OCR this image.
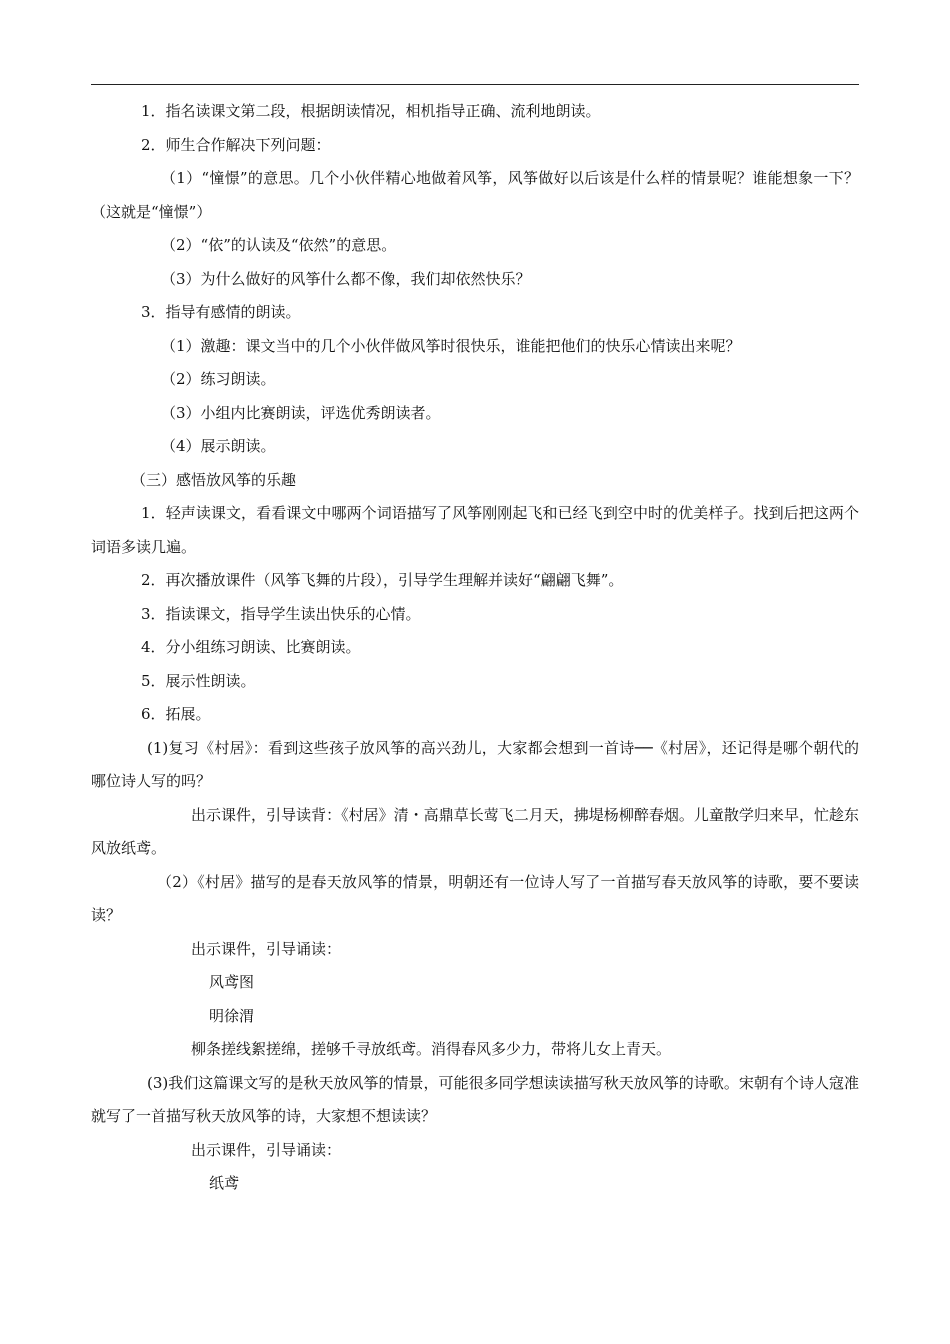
1．指名读课文第二段，根据朗读情况，相机指导正确、流利地朗读。

2．师生合作解决下列问题：

（1）“憧憬”的意思。几个小伙伴精心地做着风筝，风筝做好以后该是什么样的情景呢？谁能想象一下？（这就是“憧憬”）

（2）“依”的认读及“依然”的意思。

（3）为什么做好的风筝什么都不像，我们却依然快乐？

3．指导有感情的朗读。

（1）激趣：课文当中的几个小伙伴做风筝时很快乐，谁能把他们的快乐心情读出来呢？

（2）练习朗读。

（3）小组内比赛朗读，评选优秀朗读者。

（4）展示朗读。

（三）感悟放风筝的乐趣

1．轻声读课文，看看课文中哪两个词语描写了风筝刚刚起飞和已经飞到空中时的优美样子。找到后把这两个词语多读几遍。

2．再次播放课件（风筝飞舞的片段），引导学生理解并读好“翩翩飞舞”。

3．指读课文，指导学生读出快乐的心情。

4．分小组练习朗读、比赛朗读。

5．展示性朗读。

6．拓展。

(1)复习《村居》：看到这些孩子放风筝的高兴劲儿，大家都会想到一首诗──《村居》，还记得是哪个朝代的哪位诗人写的吗？

出示课件，引导读背：《村居》清・高鼎草长莺飞二月天，拂堤杨柳醉春烟。儿童散学归来早，忙趁东风放纸鸢。

（2）《村居》描写的是春天放风筝的情景，明朝还有一位诗人写了一首描写春天放风筝的诗歌，要不要读读？

出示课件，引导诵读：

风鸢图

明徐渭

柳条搓线絮搓绵，搓够千寻放纸鸢。消得春风多少力，带将儿女上青天。

(3)我们这篇课文写的是秋天放风筝的情景，可能很多同学想读读描写秋天放风筝的诗歌。宋朝有个诗人寇准就写了一首描写秋天放风筝的诗，大家想不想读读？

出示课件，引导诵读：

纸鸢
